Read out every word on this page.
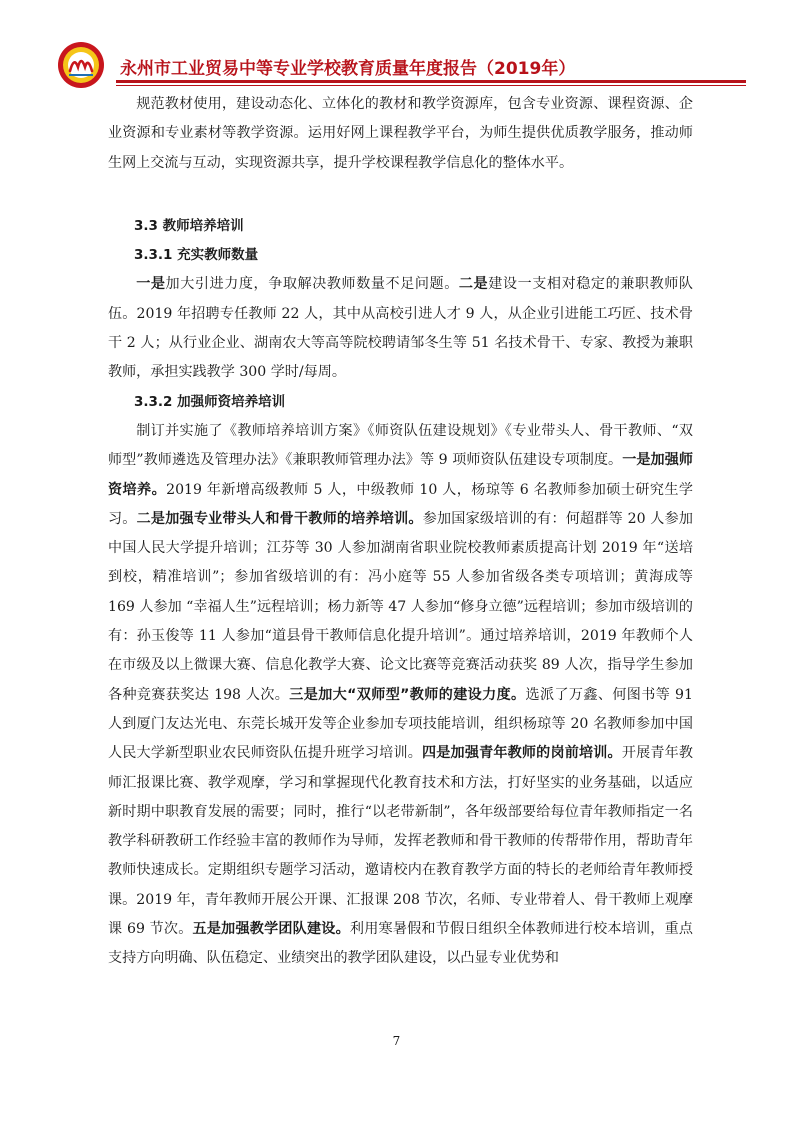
永州市工业贸易中等专业学校教育质量年度报告（2019年）

规范教材使用，建设动态化、立体化的教材和教学资源库，包含专业资源、课程资源、企业资源和专业素材等教学资源。运用好网上课程教学平台，为师生提供优质教学服务，推动师生网上交流与互动，实现资源共享，提升学校课程教学信息化的整体水平。

3.3 教师培养培训
3.3.1 充实教师数量

一是加大引进力度，争取解决教师数量不足问题。二是建设一支相对稳定的兼职教师队伍。2019 年招聘专任教师 22 人，其中从高校引进人才 9 人，从企业引进能工巧匠、技术骨干 2 人；从行业企业、湖南农大等高等院校聘请邹冬生等 51 名技术骨干、专家、教授为兼职教师，承担实践教学 300 学时/每周。

3.3.2 加强师资培养培训

制订并实施了《教师培养培训方案》《师资队伍建设规划》《专业带头人、骨干教师、“双师型”教师遴选及管理办法》《兼职教师管理办法》等 9 项师资队伍建设专项制度。一是加强师资培养。2019 年新增高级教师 5 人，中级教师 10 人，杨琼等 6 名教师参加硕士研究生学习。二是加强专业带头人和骨干教师的培养培训。参加国家级培训的有：何超群等 20 人参加中国人民大学提升培训；江芬等 30 人参加湖南省职业院校教师素质提高计划 2019 年“送培到校，精准培训”；参加省级培训的有：冯小庭等 55 人参加省级各类专项培训；黄海成等 169 人参加 “幸福人生”远程培训；杨力新等 47 人参加“修身立德”远程培训；参加市级培训的有：孙玉俊等 11 人参加“道县骨干教师信息化提升培训”。通过培养培训，2019 年教师个人在市级及以上微课大赛、信息化教学大赛、论文比赛等竞赛活动获奖 89 人次，指导学生参加各种竞赛获奖达 198 人次。三是加大“双师型”教师的建设力度。选派了万鑫、何图书等 91 人到厦门友达光电、东莞长城开发等企业参加专项技能培训，组织杨琼等 20 名教师参加中国人民大学新型职业农民师资队伍提升班学习培训。四是加强青年教师的岗前培训。开展青年教师汇报课比赛、教学观摩，学习和掌握现代化教育技术和方法，打好坚实的业务基础，以适应新时期中职教育发展的需要；同时，推行“以老带新制”，各年级部要给每位青年教师指定一名教学科研教研工作经验丰富的教师作为导师，发挥老教师和骨干教师的传帮带作用，帮助青年教师快速成长。定期组织专题学习活动，邀请校内在教育教学方面的特长的老师给青年教师授课。2019 年，青年教师开展公开课、汇报课 208 节次，名师、专业带着人、骨干教师上观摩课 69 节次。五是加强教学团队建设。利用寒暑假和节假日组织全体教师进行校本培训，重点支持方向明确、队伍稳定、业绩突出的教学团队建设，以凸显专业优势和

7
